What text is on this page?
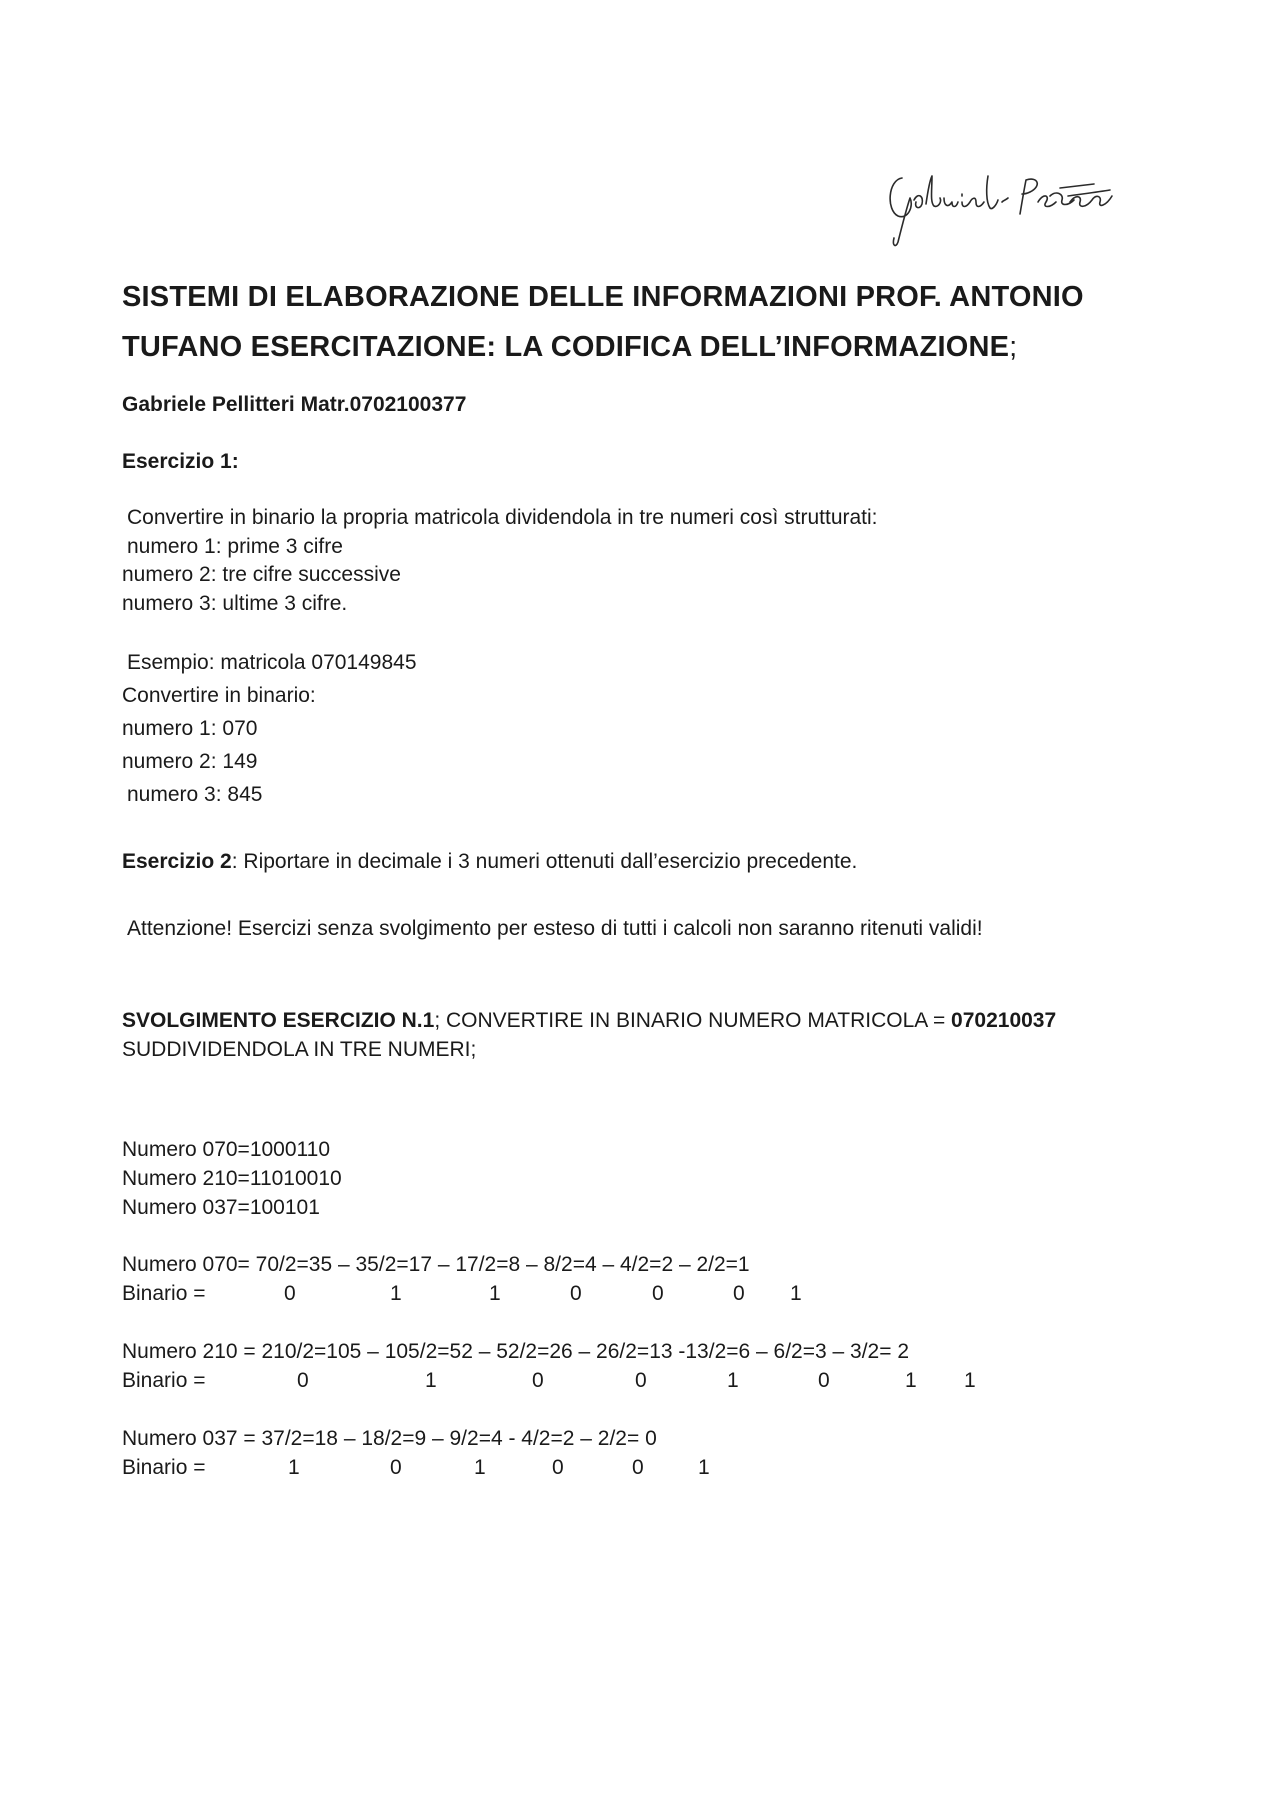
SISTEMI DI ELABORAZIONE DELLE INFORMAZIONI PROF. ANTONIO TUFANO ESERCITAZIONE: LA CODIFICA DELL’INFORMAZIONE;
Gabriele Pellitteri Matr.0702100377
Esercizio 1:
Convertire in binario la propria matricola dividendola in tre numeri così strutturati:
numero 1: prime 3 cifre
numero 2: tre cifre successive
numero 3: ultime 3 cifre.
Esempio: matricola 070149845
Convertire in binario:
numero 1: 070
numero 2: 149
numero 3: 845
Esercizio 2: Riportare in decimale i 3 numeri ottenuti dall’esercizio precedente.
Attenzione! Esercizi senza svolgimento per esteso di tutti i calcoli non saranno ritenuti validi!
SVOLGIMENTO ESERCIZIO N.1; CONVERTIRE IN BINARIO NUMERO MATRICOLA = 070210037
SUDDIVIDENDOLA IN TRE NUMERI;
Numero 070=1000110
Numero 210=11010010
Numero 037=100101
Numero 070= 70/2=35 – 35/2=17 – 17/2=8 – 8/2=4 – 4/2=2 – 2/2=1
Binario =	0	1	1	0	0	0 1
Numero 210 = 210/2=105 – 105/2=52 – 52/2=26 – 26/2=13 -13/2=6 – 6/2=3 – 3/2= 2
Binario =	0	1	0	0	1	0	1 1
Numero 037 = 37/2=18 – 18/2=9 – 9/2=4 - 4/2=2 – 2/2= 0
Binario =	1	0	1	0	0	1
